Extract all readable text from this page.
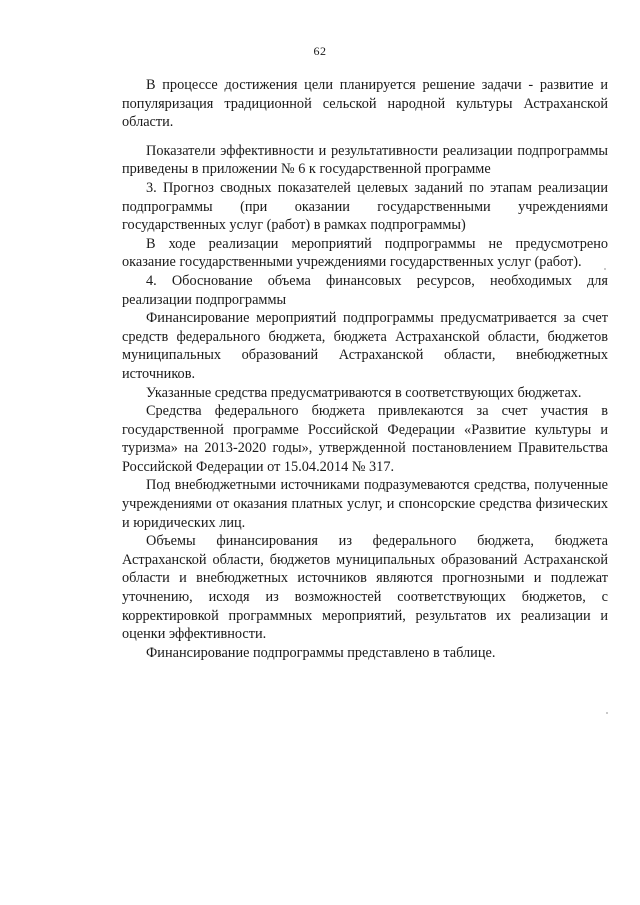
62

В процессе достижения цели планируется решение задачи - развитие и популяризация традиционной сельской народной культуры Астраханской области.

Показатели эффективности и результативности реализации подпрограммы приведены в приложении № 6 к государственной программе

3. Прогноз сводных показателей целевых заданий по этапам реализации подпрограммы (при оказании государственными учреждениями государственных услуг (работ) в рамках подпрограммы)

В ходе реализации мероприятий подпрограммы не предусмотрено оказание государственными учреждениями государственных услуг (работ).

4. Обоснование объема финансовых ресурсов, необходимых для реализации подпрограммы

Финансирование мероприятий подпрограммы предусматривается за счет средств федерального бюджета, бюджета Астраханской области, бюджетов муниципальных образований Астраханской области, внебюджетных источников.

Указанные средства предусматриваются в соответствующих бюджетах.

Средства федерального бюджета привлекаются за счет участия в государственной программе Российской Федерации «Развитие культуры и туризма» на 2013-2020 годы», утвержденной постановлением Правительства Российской Федерации от 15.04.2014 № 317.

Под внебюджетными источниками подразумеваются средства, полученные учреждениями от оказания платных услуг, и спонсорские средства физических и юридических лиц.

Объемы финансирования из федерального бюджета, бюджета Астраханской области, бюджетов муниципальных образований Астраханской области и внебюджетных источников являются прогнозными и подлежат уточнению, исходя из возможностей соответствующих бюджетов, с корректировкой программных мероприятий, результатов их реализации и оценки эффективности.

Финансирование подпрограммы представлено в таблице.
